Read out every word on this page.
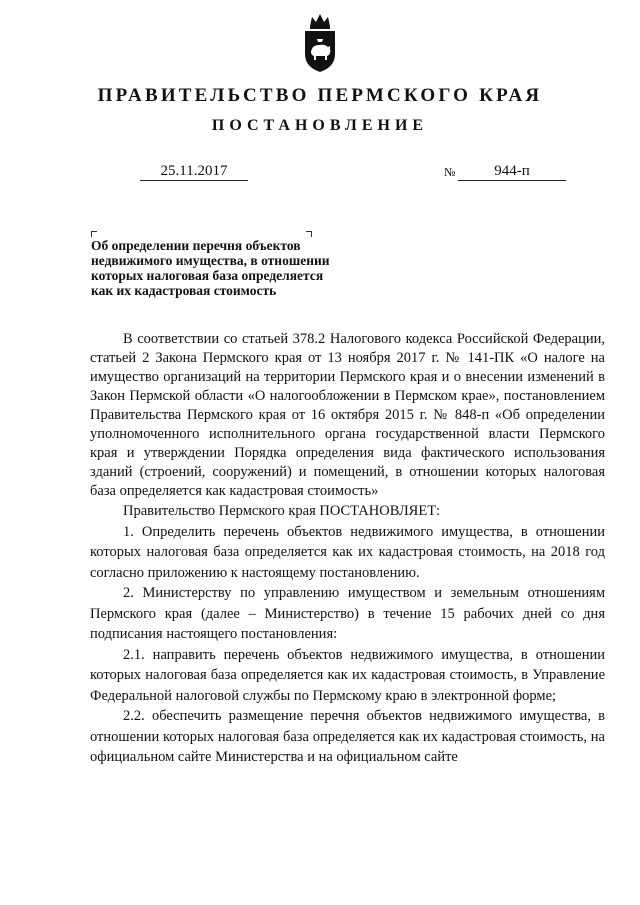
ПРАВИТЕЛЬСТВО ПЕРМСКОГО КРАЯ
ПОСТАНОВЛЕНИЕ
25.11.2017	№	944-п
Об определении перечня объектов
недвижимого имущества, в отношении
которых налоговая база определяется
как их кадастровая стоимость

В соответствии со статьей 378.2 Налогового кодекса Российской Федерации, статьей 2 Закона Пермского края от 13 ноября 2017 г. № 141-ПК «О налоге на имущество организаций на территории Пермского края и о внесении изменений в Закон Пермской области «О налогообложении в Пермском крае», постановлением Правительства Пермского края от 16 октября 2015 г. № 848-п «Об определении уполномоченного исполнительного органа государственной власти Пермского края и утверждении Порядка определения вида фактического использования зданий (строений, сооружений) и помещений, в отношении которых налоговая база определяется как кадастровая стоимость»

Правительство Пермского края ПОСТАНОВЛЯЕТ:

1. Определить перечень объектов недвижимого имущества, в отношении которых налоговая база определяется как их кадастровая стоимость, на 2018 год согласно приложению к настоящему постановлению.

2. Министерству по управлению имуществом и земельным отношениям Пермского края (далее – Министерство) в течение 15 рабочих дней со дня подписания настоящего постановления:

2.1. направить перечень объектов недвижимого имущества, в отношении которых налоговая база определяется как их кадастровая стоимость, в Управление Федеральной налоговой службы по Пермскому краю в электронной форме;

2.2. обеспечить размещение перечня объектов недвижимого имущества, в отношении которых налоговая база определяется как их кадастровая стоимость, на официальном сайте Министерства и на официальном сайте
